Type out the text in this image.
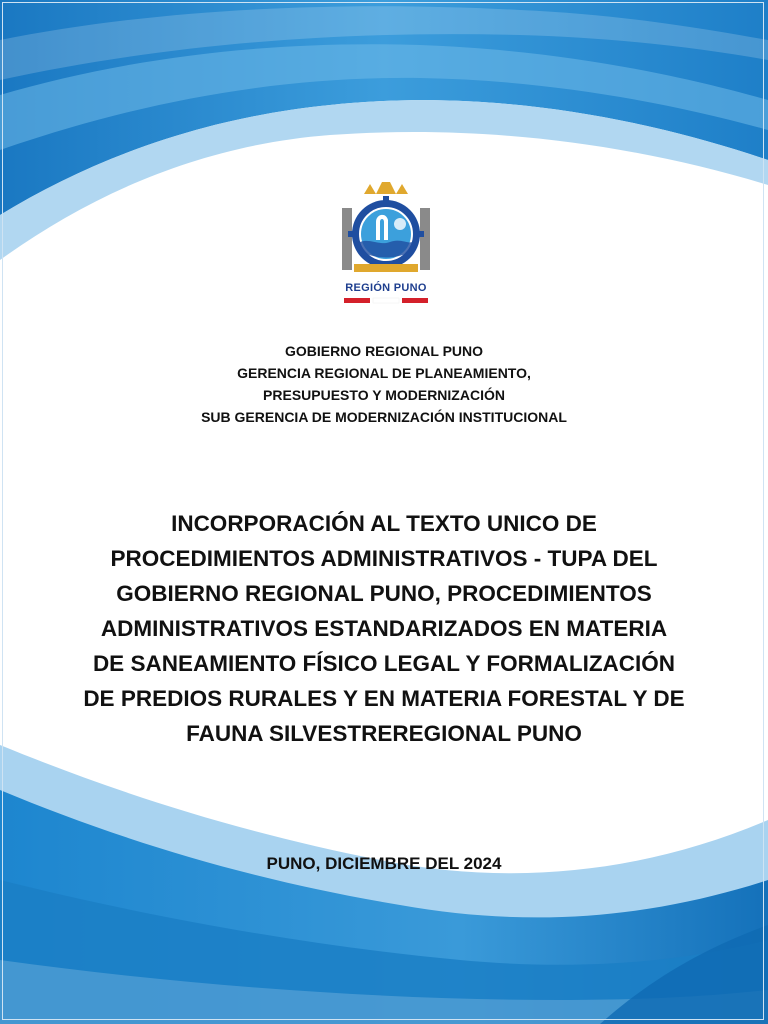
REGIÓN PUNO
GOBIERNO REGIONAL PUNO
GERENCIA REGIONAL DE PLANEAMIENTO,
PRESUPUESTO Y MODERNIZACIÓN
SUB GERENCIA DE MODERNIZACIÓN INSTITUCIONAL
INCORPORACIÓN AL TEXTO UNICO DE
PROCEDIMIENTOS ADMINISTRATIVOS - TUPA DEL
GOBIERNO REGIONAL PUNO, PROCEDIMIENTOS
ADMINISTRATIVOS ESTANDARIZADOS EN MATERIA
DE SANEAMIENTO FÍSICO LEGAL Y FORMALIZACIÓN
DE PREDIOS RURALES Y EN MATERIA FORESTAL Y DE
FAUNA SILVESTREREGIONAL PUNO
PUNO, DICIEMBRE DEL 2024
